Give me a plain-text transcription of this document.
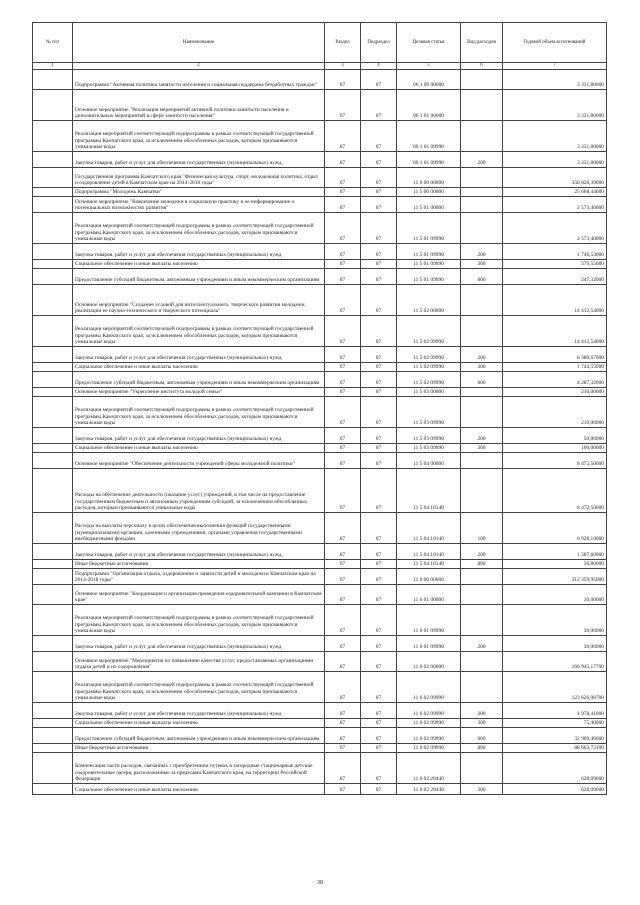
№ п/п	Наименование	Раздел	Подраздел	Целевая статья	Вид расходов	Годовой объем ассигнований
1	2	3	4	5	6	7
	Подпрограмма "Активная политика занятости населения и социальная поддержка безработных граждан"	07	07	06 1 00 00000		3 331,80000
	Основное мероприятие "Реализация мероприятий активной политики занятости населения и дополнительных мероприятий в сфере занятости населения"	07	07	06 1 01 00000		3 331,80000
	Реализация мероприятий соответствующей подпрограммы в рамках соответствующей государственной программы Камчатского края, за исключением обособленных расходов, которым присваиваются уникальные коды	07	07	06 1 01 09990		3 331,80000
	Закупка товаров, работ и услуг для обеспечения государственных (муниципальных) нужд	07	07	06 1 01 09990	200	3 331,80000
	Государственная программа Камчатского края "Физическая культура, спорт, молодежная политика, отдых и оздоровление детей в Камчатском крае на 2014-2018 годы"	07	07	11 0 00 00000		358 028,39000
	Подпрограмма "Молодежь Камчатки"	07	07	11 5 00 00000		25 668,44000
	Основное мероприятие "Вовлечение молодежи в социальную практику и ее информирование о потенциальных возможностях развития"	07	07	11 5 01 00000		2 573,40000
	Реализация мероприятий соответствующей подпрограммы в рамках соответствующей государственной программы Камчатского края, за исключением обособленных расходов, которым присваиваются уникальные коды	07	07	11 5 01 09990		2 573,40000
	Закупка товаров, работ и услуг для обеспечения государственных (муниципальных) нужд	07	07	11 5 01 09990	200	1 746,53000
	Социальное обеспечение и иные выплаты населению	07	07	11 5 01 09990	300	579,55000
	Предоставление субсидий бюджетным, автономным учреждениям и иным некоммерческим организациям	07	07	11 5 01 09990	600	247,32000
	Основное мероприятие "Создание условий для интеллектуального, творческого развития молодежи, реализации ее научно-технического и творческого потенциала"	07	07	11 5 02 00000		14 412,54000
	Реализация мероприятий соответствующей подпрограммы в рамках соответствующей государственной программы Камчатского края, за исключением обособленных расходов, которым присваиваются уникальные коды	07	07	11 5 02 09990		14 412,54000
	Закупка товаров, работ и услуг для обеспечения государственных (муниципальных) нужд	07	07	11 5 02 09990	200	8 380,67000
	Социальное обеспечение и иные выплаты населению	07	07	11 5 02 09990	300	1 744,55000
	Предоставление субсидий бюджетным, автономным учреждениям и иным некоммерческим организациям	07	07	11 5 02 09990	600	4 287,32000
	Основное мероприятие "Укрепление института молодой семьи"	07	07	11 5 03 00000		210,00000
	Реализация мероприятий соответствующей подпрограммы в рамках соответствующей государственной программы Камчатского края, за исключением обособленных расходов, которым присваиваются уникальные коды	07	07	11 5 03 09990		210,00000
	Закупка товаров, работ и услуг для обеспечения государственных (муниципальных) нужд	07	07	11 5 03 09990	200	50,00000
	Социальное обеспечение и иные выплаты населению	07	07	11 5 03 09990	300	160,00000
	Основное мероприятие "Обеспечение деятельности учреждений сферы молодежной политики"	07	07	11 5 04 00000		8 472,50000
	Расходы на обеспечение деятельности (оказание услуг) учреждений, в том числе на предоставление государственным бюджетным и автономным учреждениям субсидий, за исключением обособленных расходов, которым присваиваются уникальные коды	07	07	11 5 04 10140		8 472,50000
	Расходы на выплаты персоналу в целях обеспечения выполнения функций государственными (муниципальными) органами, казенными учреждениями, органами управления государственными внебюджетными фондами	07	07	11 5 04 10140	100	6 928,10000
	Закупка товаров, работ и услуг для обеспечения государственных (муниципальных) нужд	07	07	11 5 04 10140	200	1 507,60000
	Иные бюджетные ассигнования	07	07	11 5 04 10140	800	36,80000
	Подпрограмма "Организация отдыха, оздоровления и занятости детей и молодежи в Камчатском крае на 2014-2018 годы"	07	07	11 6 00 00000		312 359,95000
	Основное мероприятие "Координация и организация проведения оздоровительной кампании в Камчатском крае"	07	07	11 6 01 00000		30,00000
	Реализация мероприятий соответствующей подпрограммы в рамках соответствующей государственной программы Камчатского края, за исключением обособленных расходов, которым присваиваются уникальные коды	07	07	11 6 01 09990		30,00000
	Закупка товаров, работ и услуг для обеспечения государственных (муниципальных) нужд	07	07	11 6 01 09990	200	30,00000
	Основное мероприятие "Мероприятия по повышению качества услуг, предоставляемых организациями отдыха детей и их оздоровления"	07	07	11 6 02 00000		166 945,17700
	Реализация мероприятий соответствующей подпрограммы в рамках соответствующей государственной программы Камчатского края, за исключением обособленных расходов, которым присваиваются уникальные коды	07	07	11 6 02 09990		123 626,98700
	Закупка товаров, работ и услуг для обеспечения государственных (муниципальных) нужд	07	07	11 6 02 09990	200	1 978,41000
	Социальное обеспечение и иные выплаты населению	07	07	11 6 02 09990	300	75,40000
	Предоставление субсидий бюджетным, автономным учреждениям и иным некоммерческим организациям	07	07	11 6 02 09990	600	32 909,46600
	Иные бюджетные ассигнования	07	07	11 6 02 09990	800	88 663,73100
	Компенсация части расходов, связанных с приобретением путевок в загородные стационарные детские оздоровительные лагеря, расположенные за пределами Камчатского края, на территории Российской Федерации	07	07	11 6 02 20440		628,09000
	Социальное обеспечение и иные выплаты населению	07	07	11 6 02 20440	300	628,09000
38
